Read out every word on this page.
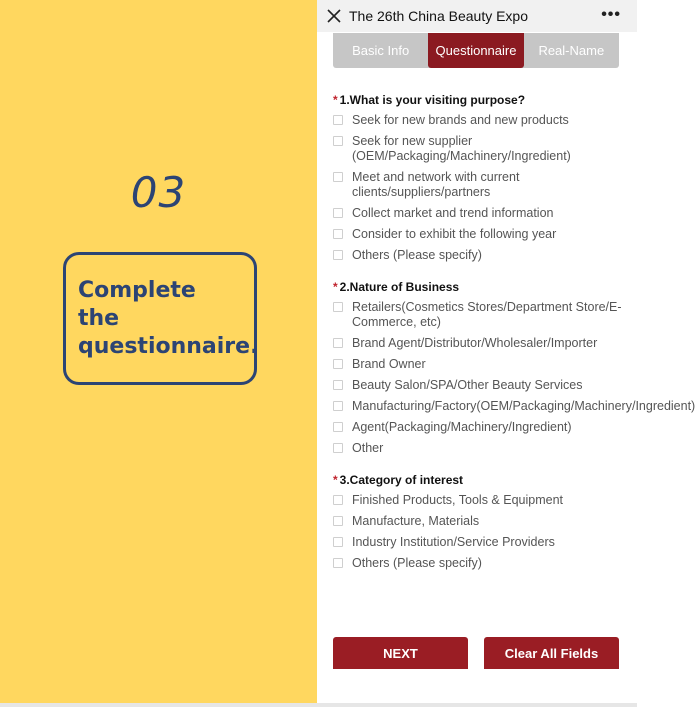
03
Complete the
questionnaire.
The 26th China Beauty Expo	•••
Basic Info	Questionnaire	Real-Name
* 1.What is your visiting purpose?
Seek for new brands and new products
Seek for new supplier (OEM/Packaging/Machinery/Ingredient)
Meet and network with current clients/suppliers/partners
Collect market and trend information
Consider to exhibit the following year
Others (Please specify)
* 2.Nature of Business
Retailers(Cosmetics Stores/Department Store/E-Commerce, etc)
Brand Agent/Distributor/Wholesaler/Importer
Brand Owner
Beauty Salon/SPA/Other Beauty Services
Manufacturing/Factory(OEM/Packaging/Machinery/Ingredient)
Agent(Packaging/Machinery/Ingredient)
Other
* 3.Category of interest
Finished Products, Tools & Equipment
Manufacture, Materials
Industry Institution/Service Providers
Others (Please specify)
NEXT	Clear All Fields
